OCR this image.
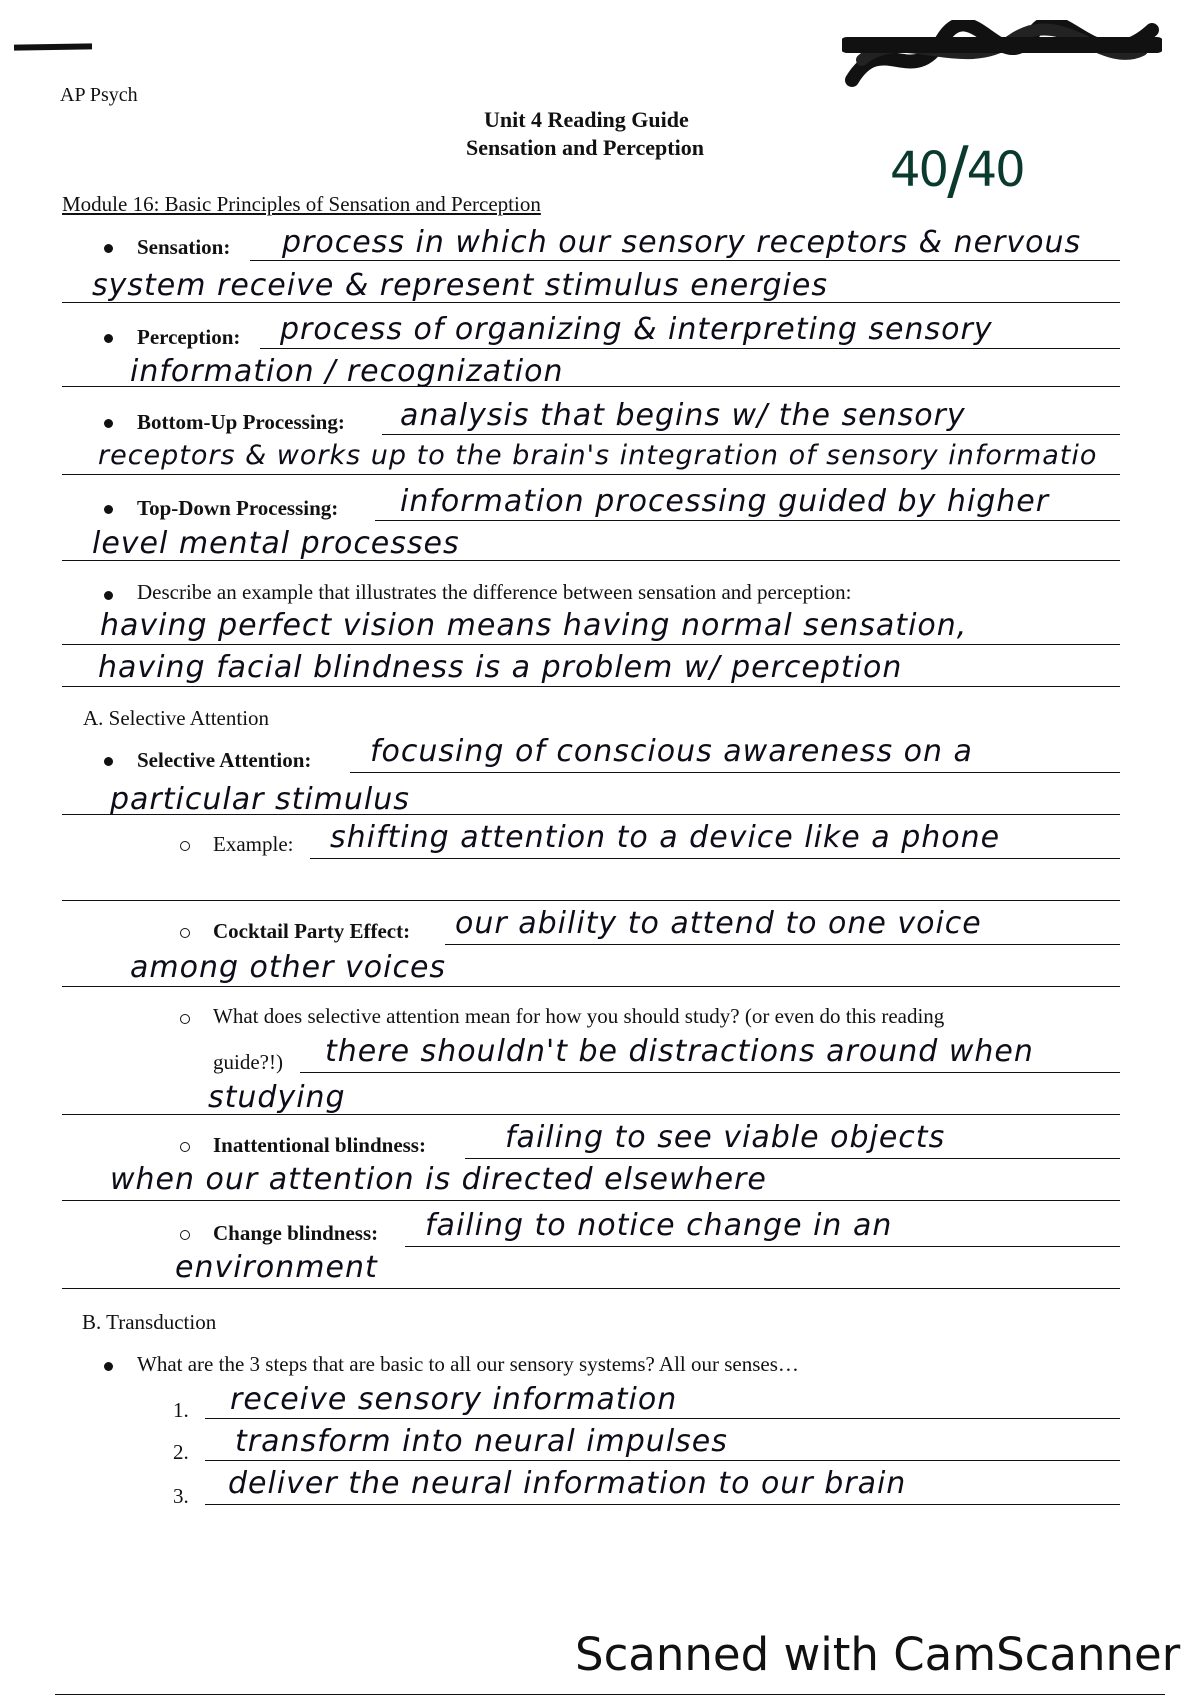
AP Psych
Unit 4 Reading Guide
Sensation and Perception	40/40
Module 16: Basic Principles of Sensation and Perception
Sensation: process in which our sensory receptors & nervous
system receive & represent stimulus energies
Perception: process of organizing & interpreting sensory
information / recognization
Bottom-Up Processing: analysis that begins w/ the sensory
receptors & works up to the brain's integration of sensory informatio
Top-Down Processing: information processing guided by higher
level mental processes
Describe an example that illustrates the difference between sensation and perception:
having perfect vision means having normal sensation,
having facial blindness is a problem w/ perception
A. Selective Attention
Selective Attention: focusing of conscious awareness on a
particular stimulus
Example: shifting attention to a device like a phone
Cocktail Party Effect: our ability to attend to one voice
among other voices
What does selective attention mean for how you should study? (or even do this reading
guide?!) there shouldn't be distractions around when
studying
Inattentional blindness:	failing to see viable objects
when our attention is directed elsewhere
Change blindness: failing to notice change in an
environment
B. Transduction
What are the 3 steps that are basic to all our sensory systems? All our senses…
1. receive sensory information
2. transform into neural impulses
3. deliver the neural information to our brain
Scanned with CamScanner
